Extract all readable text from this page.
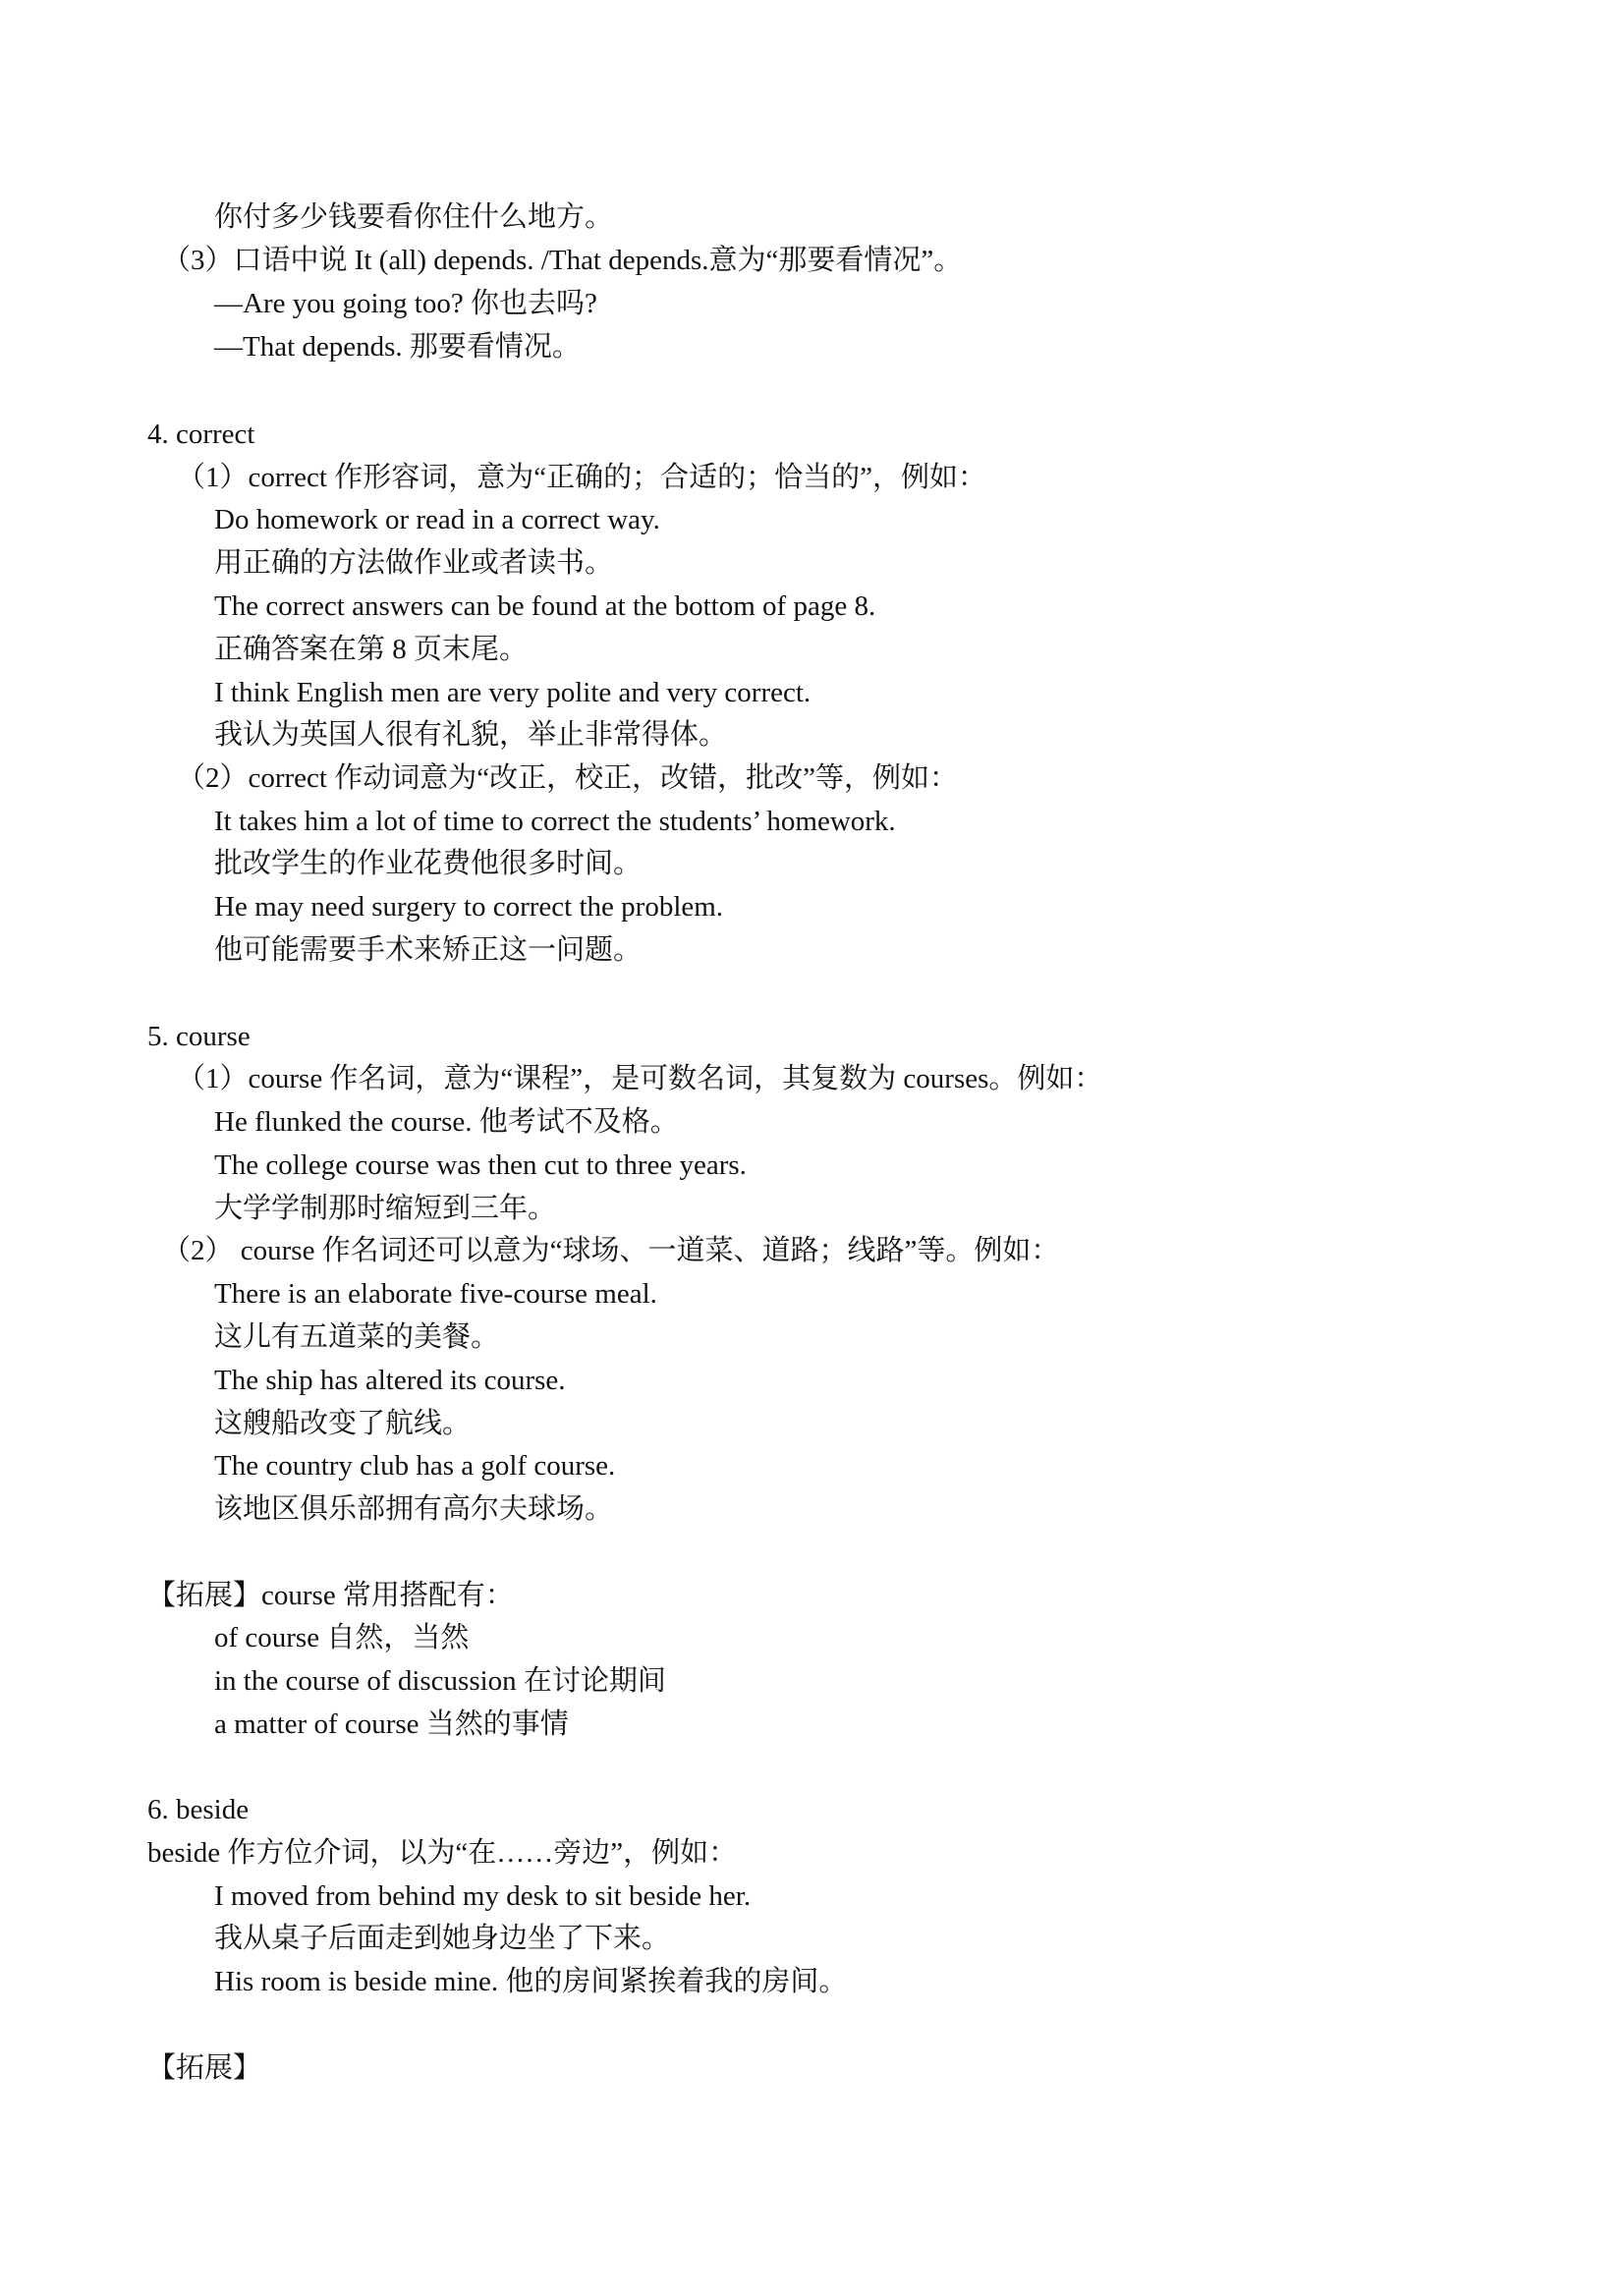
你付多少钱要看你住什么地方。
（3）口语中说 It (all) depends. /That depends.意为“那要看情况”。
—Are you going too? 你也去吗?
—That depends. 那要看情况。
4. correct
（1）correct 作形容词，意为“正确的；合适的；恰当的”，例如：
Do homework or read in a correct way.
用正确的方法做作业或者读书。
The correct answers can be found at the bottom of page 8.
正确答案在第 8 页末尾。
I think English men are very polite and very correct.
我认为英国人很有礼貌，举止非常得体。
（2）correct 作动词意为“改正，校正，改错，批改”等，例如：
It takes him a lot of time to correct the students’ homework.
批改学生的作业花费他很多时间。
He may need surgery to correct the problem.
他可能需要手术来矫正这一问题。
5. course
（1）course 作名词，意为“课程”，是可数名词，其复数为 courses。例如：
He flunked the course. 他考试不及格。
The college course was then cut to three years.
大学学制那时缩短到三年。
（2） course 作名词还可以意为“球场、一道菜、道路；线路”等。例如：
There is an elaborate five-course meal.
这儿有五道菜的美餐。
The ship has altered its course.
这艘船改变了航线。
The country club has a golf course.
该地区俱乐部拥有高尔夫球场。
【拓展】course 常用搭配有：
of course 自然，当然
in the course of discussion 在讨论期间
a matter of course 当然的事情
6. beside
beside 作方位介词，以为“在……旁边”，例如：
I moved from behind my desk to sit beside her.
我从桌子后面走到她身边坐了下来。
His room is beside mine. 他的房间紧挨着我的房间。
【拓展】
